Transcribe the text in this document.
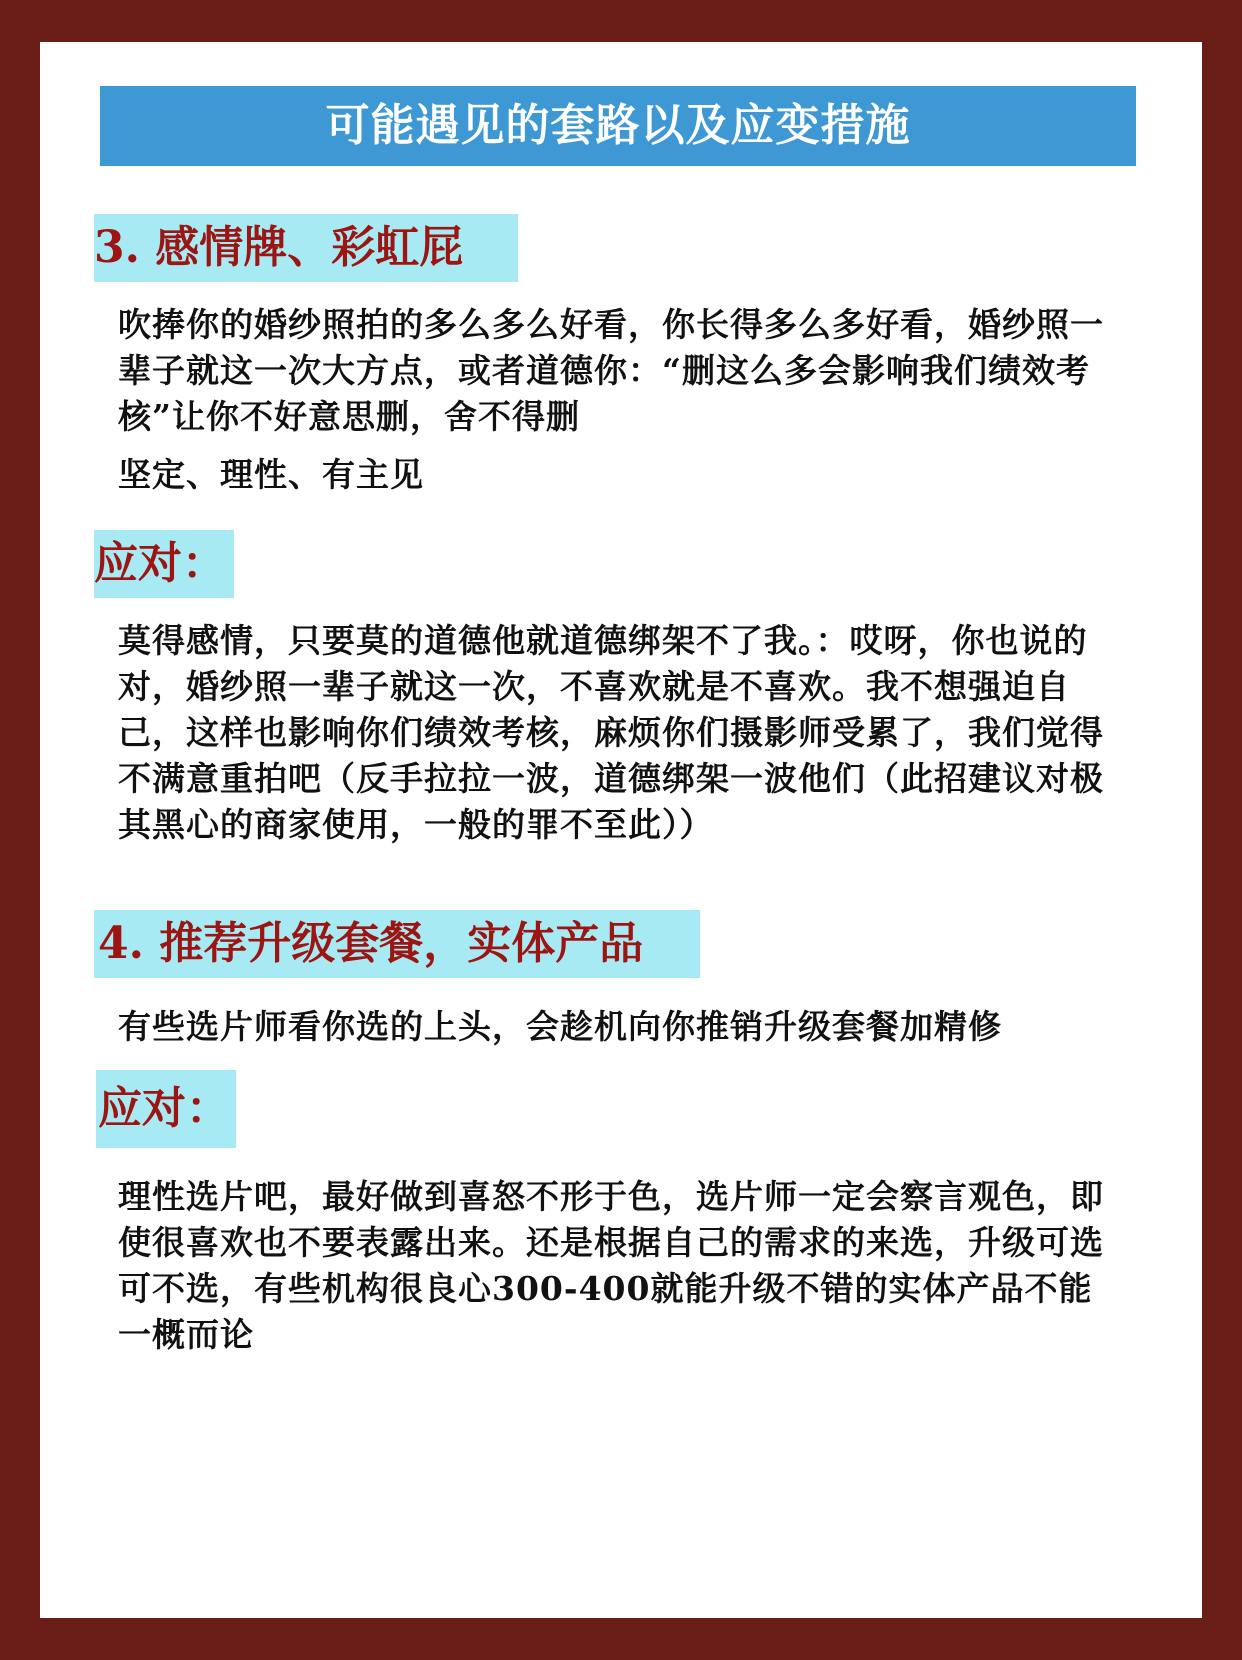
可能遇见的套路以及应变措施
3. 感情牌、彩虹屁
吹捧你的婚纱照拍的多么多么好看，你长得多么多好看，婚纱照一辈子就这一次大方点，或者道德你：“删这么多会影响我们绩效考核”让你不好意思删，舍不得删
坚定、理性、有主见
应对：
莫得感情，只要莫的道德他就道德绑架不了我。：哎呀，你也说的对，婚纱照一辈子就这一次，不喜欢就是不喜欢。我不想强迫自己，这样也影响你们绩效考核，麻烦你们摄影师受累了，我们觉得不满意重拍吧（反手拉拉一波，道德绑架一波他们（此招建议对极其黑心的商家使用，一般的罪不至此））
4. 推荐升级套餐，实体产品
有些选片师看你选的上头，会趁机向你推销升级套餐加精修
应对：
理性选片吧，最好做到喜怒不形于色，选片师一定会察言观色，即使很喜欢也不要表露出来。还是根据自己的需求的来选，升级可选可不选，有些机构很良心300-400就能升级不错的实体产品不能一概而论
